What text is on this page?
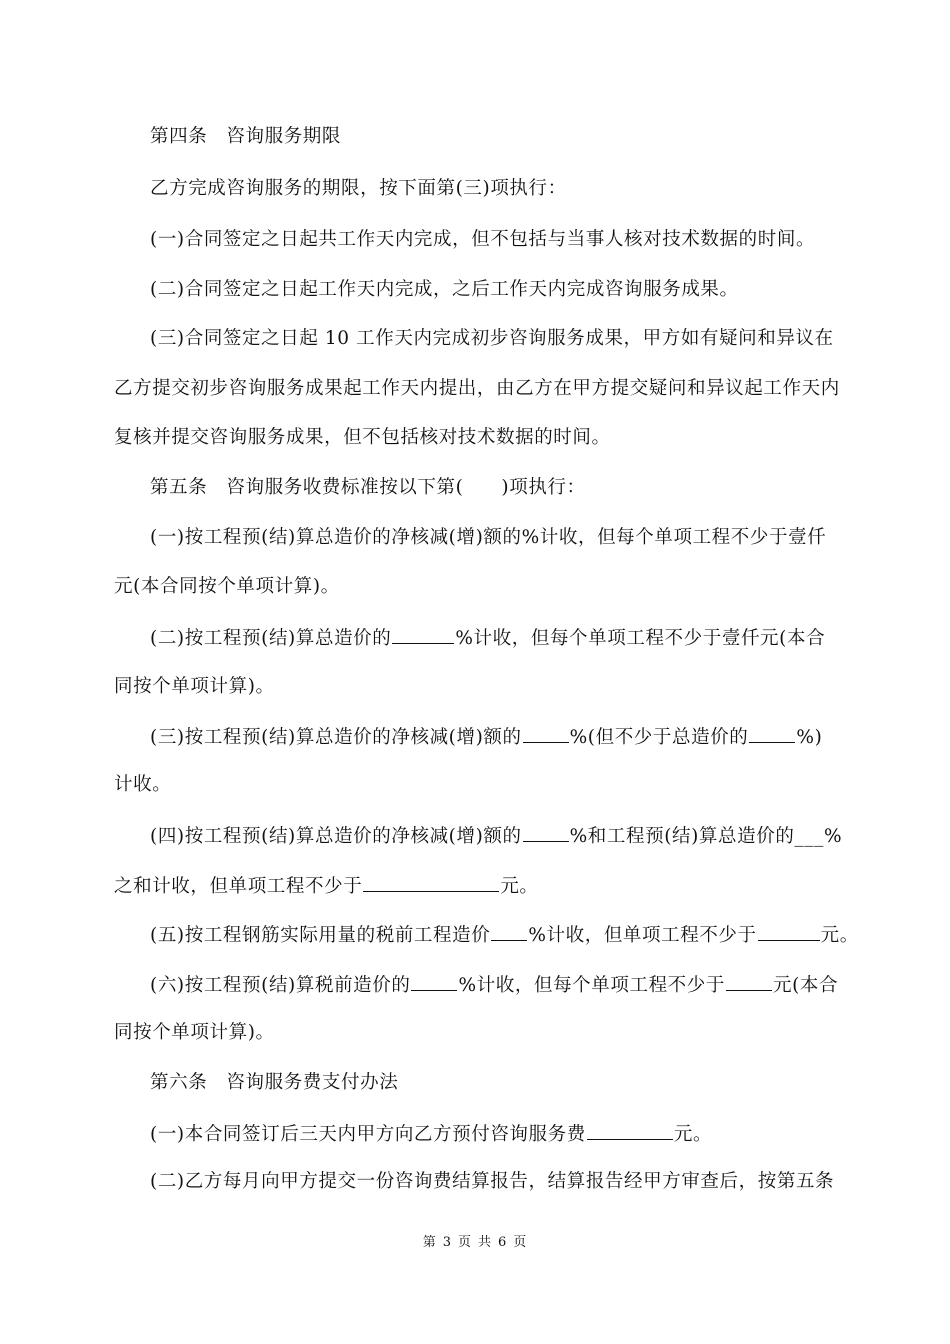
第四条　咨询服务期限
乙方完成咨询服务的期限，按下面第(三)项执行：
(一)合同签定之日起共工作天内完成，但不包括与当事人核对技术数据的时间。
(二)合同签定之日起工作天内完成，之后工作天内完成咨询服务成果。
(三)合同签定之日起 10 工作天内完成初步咨询服务成果，甲方如有疑问和异议在
乙方提交初步咨询服务成果起工作天内提出，由乙方在甲方提交疑问和异议起工作天内
复核并提交咨询服务成果，但不包括核对技术数据的时间。
第五条　咨询服务收费标准按以下第( )项执行：
(一)按工程预(结)算总造价的净核减(增)额的%计收，但每个单项工程不少于壹仟
元(本合同按个单项计算)。
(二)按工程预(结)算总造价的	%计收，但每个单项工程不少于壹仟元(本合
同按个单项计算)。
(三)按工程预(结)算总造价的净核减(增)额的	%(但不少于总造价的	%)
计收。
(四)按工程预(结)算总造价的净核减(增)额的	%和工程预(结)算总造价的___%
之和计收，但单项工程不少于	元。
(五)按工程钢筋实际用量的税前工程造价 %计收，但单项工程不少于	元。
(六)按工程预(结)算税前造价的	%计收，但每个单项工程不少于	元(本合
同按个单项计算)。
第六条　咨询服务费支付办法
(一)本合同签订后三天内甲方向乙方预付咨询服务费	元。
(二)乙方每月向甲方提交一份咨询费结算报告，结算报告经甲方审查后，按第五条
第 3 页 共 6 页
